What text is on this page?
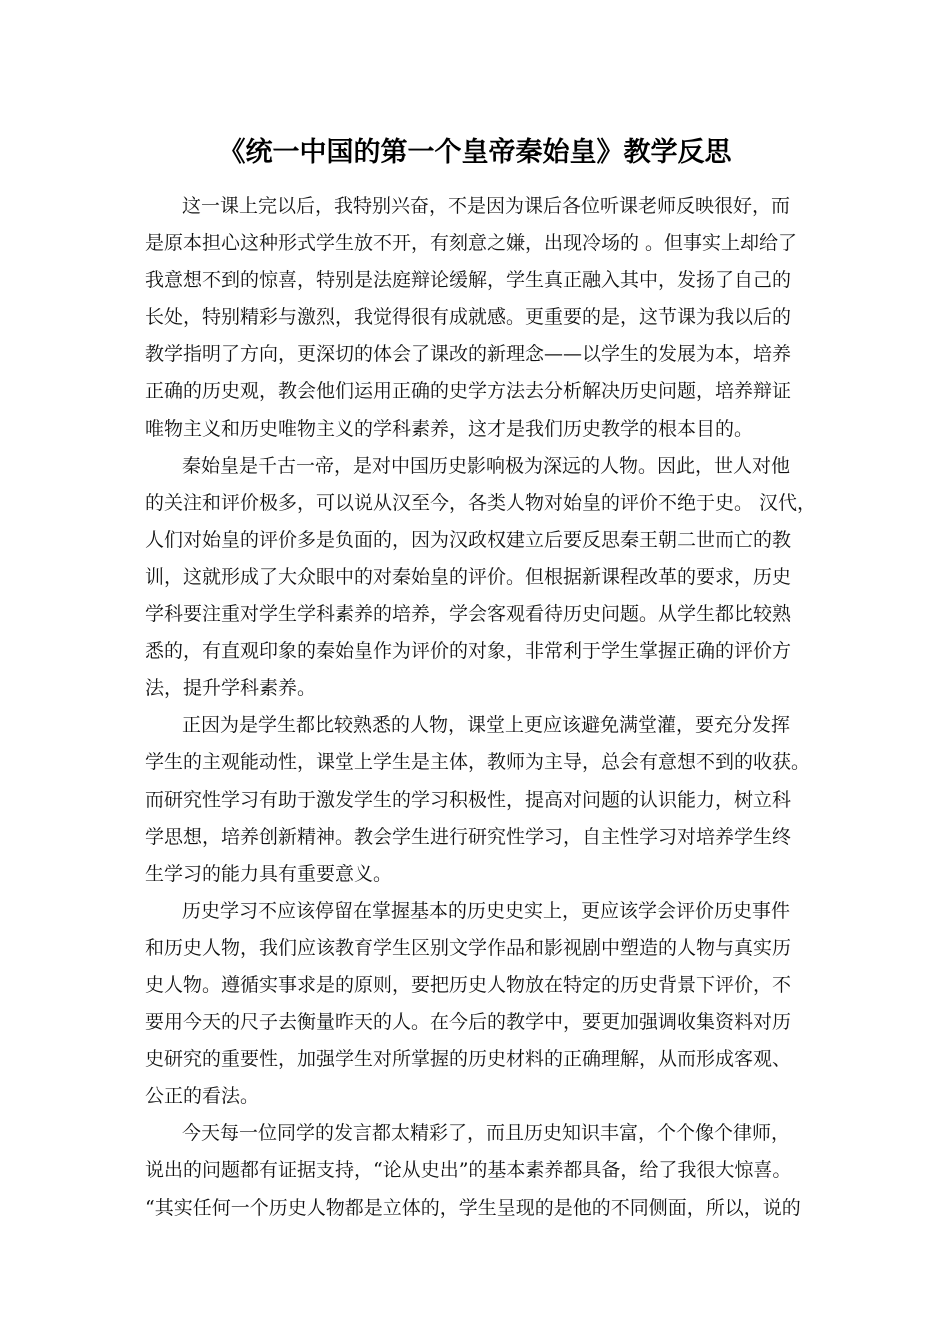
《统一中国的第一个皇帝秦始皇》教学反思
这一课上完以后，我特别兴奋，不是因为课后各位听课老师反映很好，而
是原本担心这种形式学生放不开，有刻意之嫌，出现冷场的 。但事实上却给了
我意想不到的惊喜，特别是法庭辩论缓解，学生真正融入其中，发扬了自己的
长处，特别精彩与激烈，我觉得很有成就感。更重要的是，这节课为我以后的
教学指明了方向，更深切的体会了课改的新理念——以学生的发展为本，培养
正确的历史观，教会他们运用正确的史学方法去分析解决历史问题，培养辩证
唯物主义和历史唯物主义的学科素养，这才是我们历史教学的根本目的。
秦始皇是千古一帝，是对中国历史影响极为深远的人物。因此，世人对他
的关注和评价极多，可以说从汉至今，各类人物对始皇的评价不绝于史。 汉代，
人们对始皇的评价多是负面的，因为汉政权建立后要反思秦王朝二世而亡的教
训，这就形成了大众眼中的对秦始皇的评价。但根据新课程改革的要求，历史
学科要注重对学生学科素养的培养，学会客观看待历史问题。从学生都比较熟
悉的，有直观印象的秦始皇作为评价的对象，非常利于学生掌握正确的评价方
法，提升学科素养。
正因为是学生都比较熟悉的人物，课堂上更应该避免满堂灌，要充分发挥
学生的主观能动性，课堂上学生是主体，教师为主导，总会有意想不到的收获。
而研究性学习有助于激发学生的学习积极性，提高对问题的认识能力，树立科
学思想，培养创新精神。教会学生进行研究性学习，自主性学习对培养学生终
生学习的能力具有重要意义。
历史学习不应该停留在掌握基本的历史史实上，更应该学会评价历史事件
和历史人物，我们应该教育学生区别文学作品和影视剧中塑造的人物与真实历
史人物。遵循实事求是的原则，要把历史人物放在特定的历史背景下评价，不
要用今天的尺子去衡量昨天的人。在今后的教学中，要更加强调收集资料对历
史研究的重要性，加强学生对所掌握的历史材料的正确理解，从而形成客观、
公正的看法。
今天每一位同学的发言都太精彩了，而且历史知识丰富，个个像个律师，
说出的问题都有证据支持，“论从史出”的基本素养都具备，给了我很大惊喜。
“其实任何一个历史人物都是立体的，学生呈现的是他的不同侧面，所以，说的
